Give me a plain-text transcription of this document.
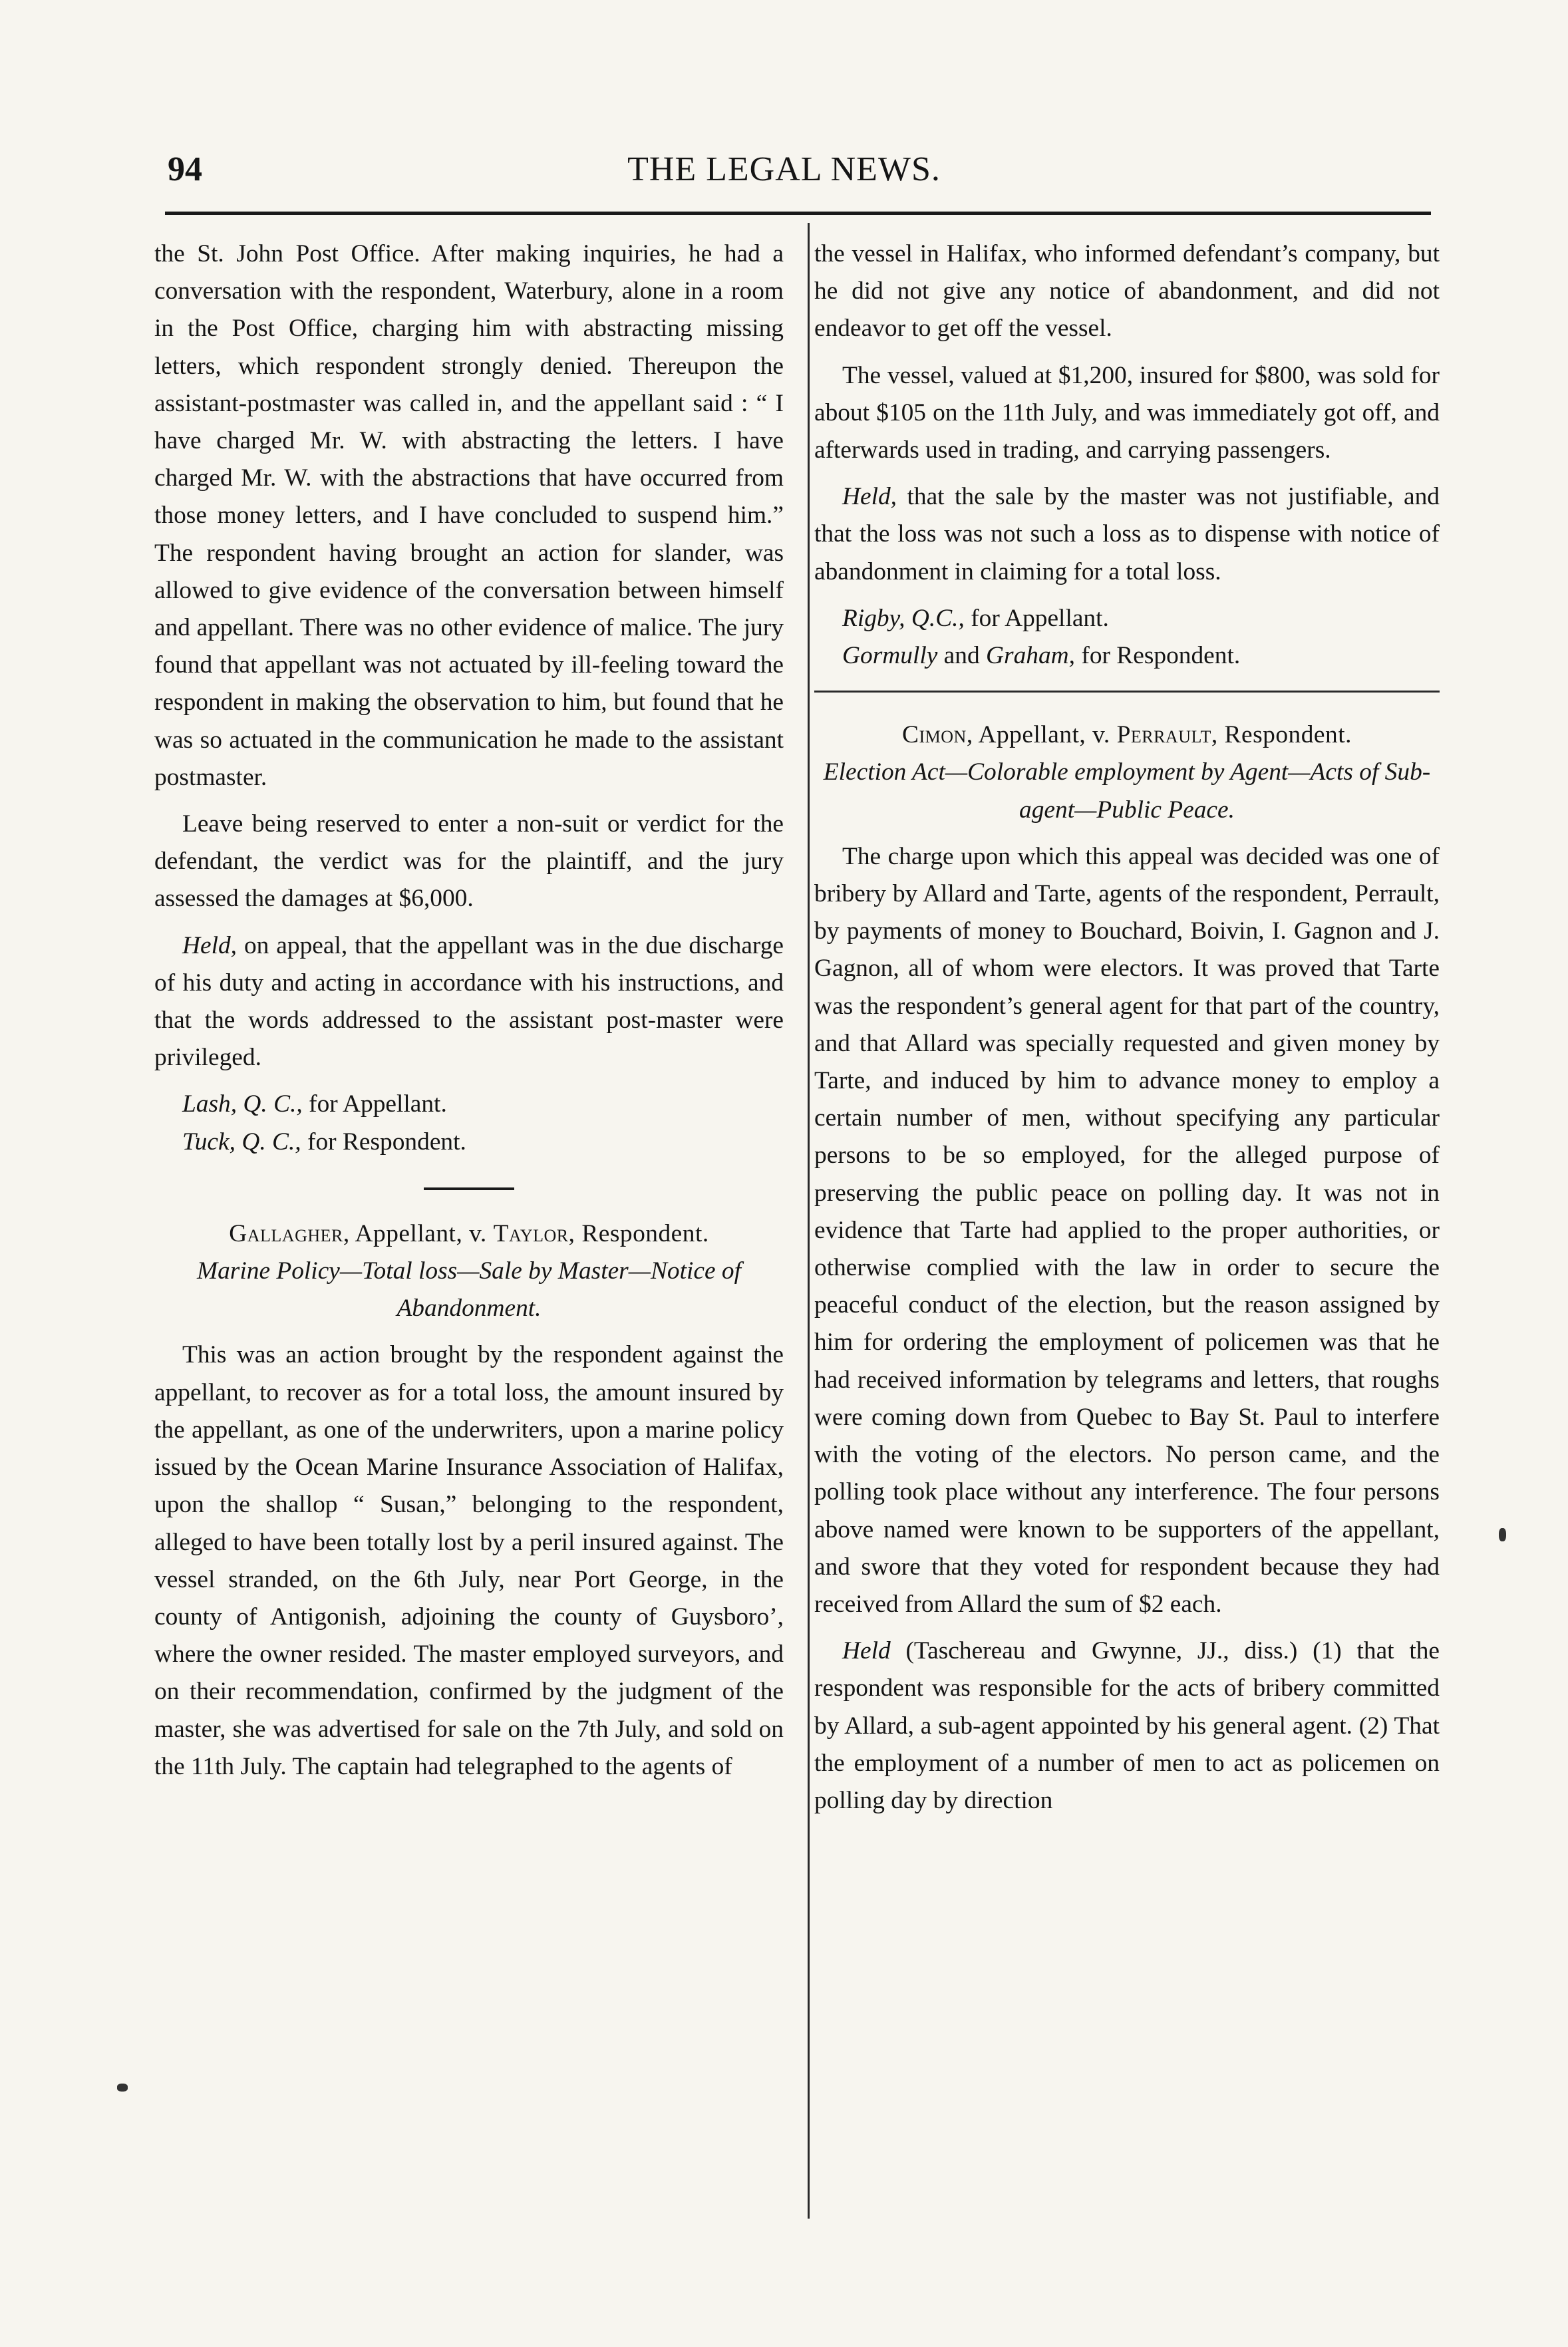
94	THE LEGAL NEWS.

the St. John Post Office. After making inquiries, he had a conversation with the respondent, Waterbury, alone in a room in the Post Office, charging him with abstracting missing letters, which respondent strongly denied. Thereupon the assistant-postmaster was called in, and the appellant said : “ I have charged Mr. W. with abstracting the letters. I have charged Mr. W. with the abstractions that have occurred from those money letters, and I have concluded to suspend him.” The respondent having brought an action for slander, was allowed to give evidence of the conversation between himself and appellant. There was no other evidence of malice. The jury found that appellant was not actuated by ill-feeling toward the respondent in making the observation to him, but found that he was so actuated in the communication he made to the assistant postmaster.

Leave being reserved to enter a non-suit or verdict for the defendant, the verdict was for the plaintiff, and the jury assessed the damages at $6,000.

Held, on appeal, that the appellant was in the due discharge of his duty and acting in accordance with his instructions, and that the words addressed to the assistant post-master were privileged.

Lash, Q. C., for Appellant.

Tuck, Q. C., for Respondent.

Gallagher, Appellant, v. Taylor, Respondent.

Marine Policy—Total loss—Sale by Master—Notice of Abandonment.

This was an action brought by the respondent against the appellant, to recover as for a total loss, the amount insured by the appellant, as one of the underwriters, upon a marine policy issued by the Ocean Marine Insurance Association of Halifax, upon the shallop “ Susan,” belonging to the respondent, alleged to have been totally lost by a peril insured against. The vessel stranded, on the 6th July, near Port George, in the county of Antigonish, adjoining the county of Guysboro’, where the owner resided. The master employed surveyors, and on their recommendation, confirmed by the judgment of the master, she was advertised for sale on the 7th July, and sold on the 11th July. The captain had telegraphed to the agents of

the vessel in Halifax, who informed defendant’s company, but he did not give any notice of abandonment, and did not endeavor to get off the vessel.

The vessel, valued at $1,200, insured for $800, was sold for about $105 on the 11th July, and was immediately got off, and afterwards used in trading, and carrying passengers.

Held, that the sale by the master was not justifiable, and that the loss was not such a loss as to dispense with notice of abandonment in claiming for a total loss.

Rigby, Q.C., for Appellant.

Gormully and Graham, for Respondent.

Cimon, Appellant, v. Perrault, Respondent.

Election Act—Colorable employment by Agent—Acts of Sub-agent—Public Peace.

The charge upon which this appeal was decided was one of bribery by Allard and Tarte, agents of the respondent, Perrault, by payments of money to Bouchard, Boivin, I. Gagnon and J. Gagnon, all of whom were electors. It was proved that Tarte was the respondent’s general agent for that part of the country, and that Allard was specially requested and given money by Tarte, and induced by him to advance money to employ a certain number of men, without specifying any particular persons to be so employed, for the alleged purpose of preserving the public peace on polling day. It was not in evidence that Tarte had applied to the proper authorities, or otherwise complied with the law in order to secure the peaceful conduct of the election, but the reason assigned by him for ordering the employment of policemen was that he had received information by telegrams and letters, that roughs were coming down from Quebec to Bay St. Paul to interfere with the voting of the electors. No person came, and the polling took place without any interference. The four persons above named were known to be supporters of the appellant, and swore that they voted for respondent because they had received from Allard the sum of $2 each.

Held (Taschereau and Gwynne, JJ., diss.) (1) that the respondent was responsible for the acts of bribery committed by Allard, a sub-agent appointed by his general agent. (2) That the employment of a number of men to act as policemen on polling day by direction
